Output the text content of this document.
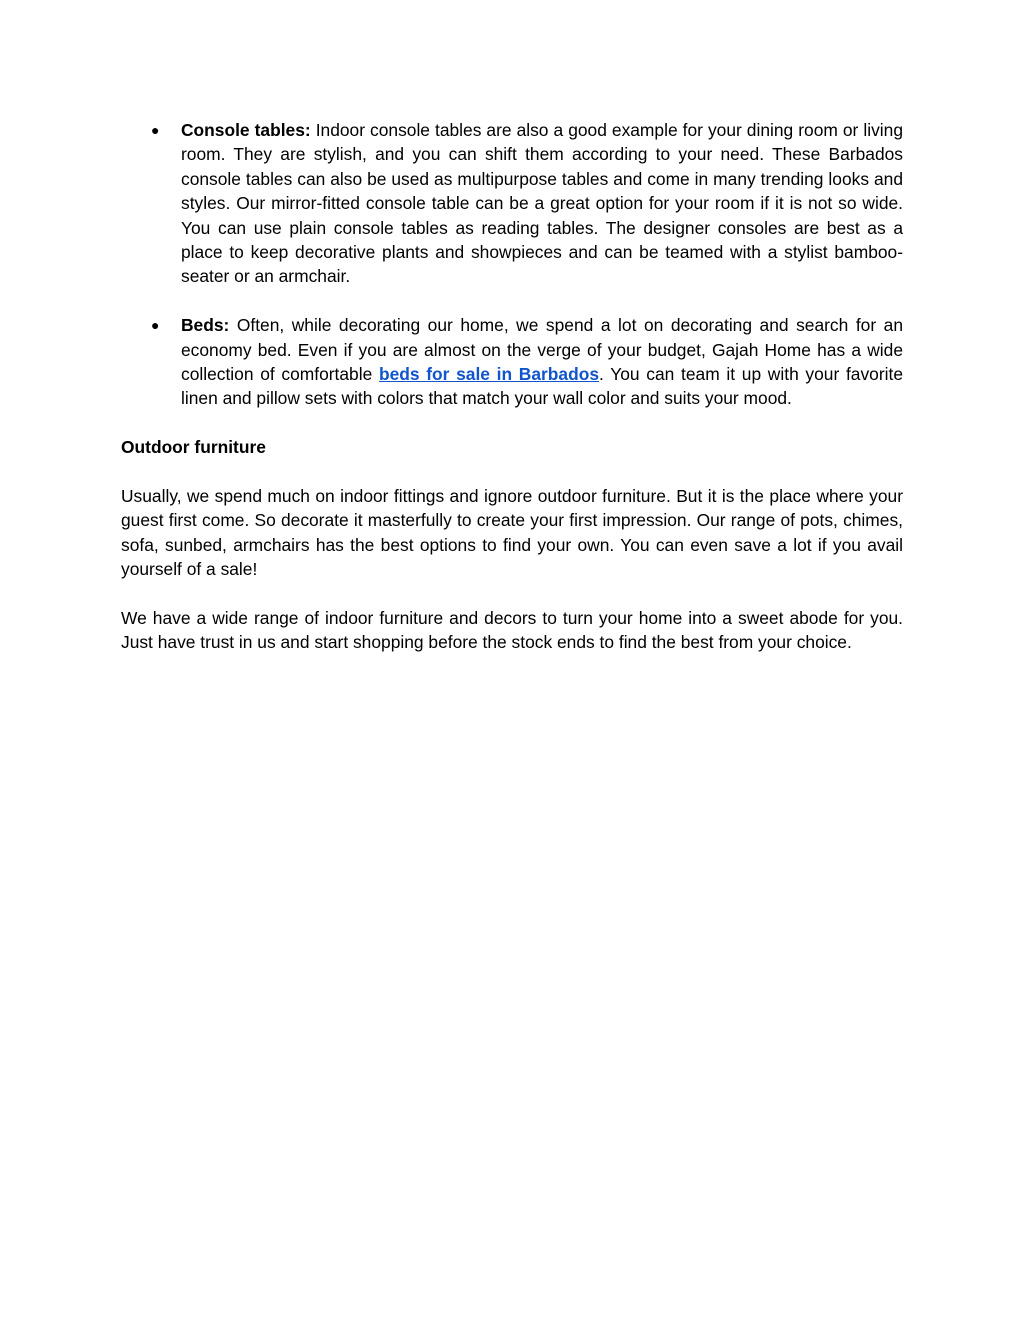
● Console tables: Indoor console tables are also a good example for your dining room or living room. They are stylish, and you can shift them according to your need. These Barbados console tables can also be used as multipurpose tables and come in many trending looks and styles. Our mirror-fitted console table can be a great option for your room if it is not so wide. You can use plain console tables as reading tables. The designer consoles are best as a place to keep decorative plants and showpieces and can be teamed with a stylist bamboo-seater or an armchair.
● Beds: Often, while decorating our home, we spend a lot on decorating and search for an economy bed. Even if you are almost on the verge of your budget, Gajah Home has a wide collection of comfortable beds for sale in Barbados. You can team it up with your favorite linen and pillow sets with colors that match your wall color and suits your mood.
Outdoor furniture

Usually, we spend much on indoor fittings and ignore outdoor furniture. But it is the place where your guest first come. So decorate it masterfully to create your first impression. Our range of pots, chimes, sofa, sunbed, armchairs has the best options to find your own. You can even save a lot if you avail yourself of a sale!

We have a wide range of indoor furniture and decors to turn your home into a sweet abode for you. Just have trust in us and start shopping before the stock ends to find the best from your choice.
